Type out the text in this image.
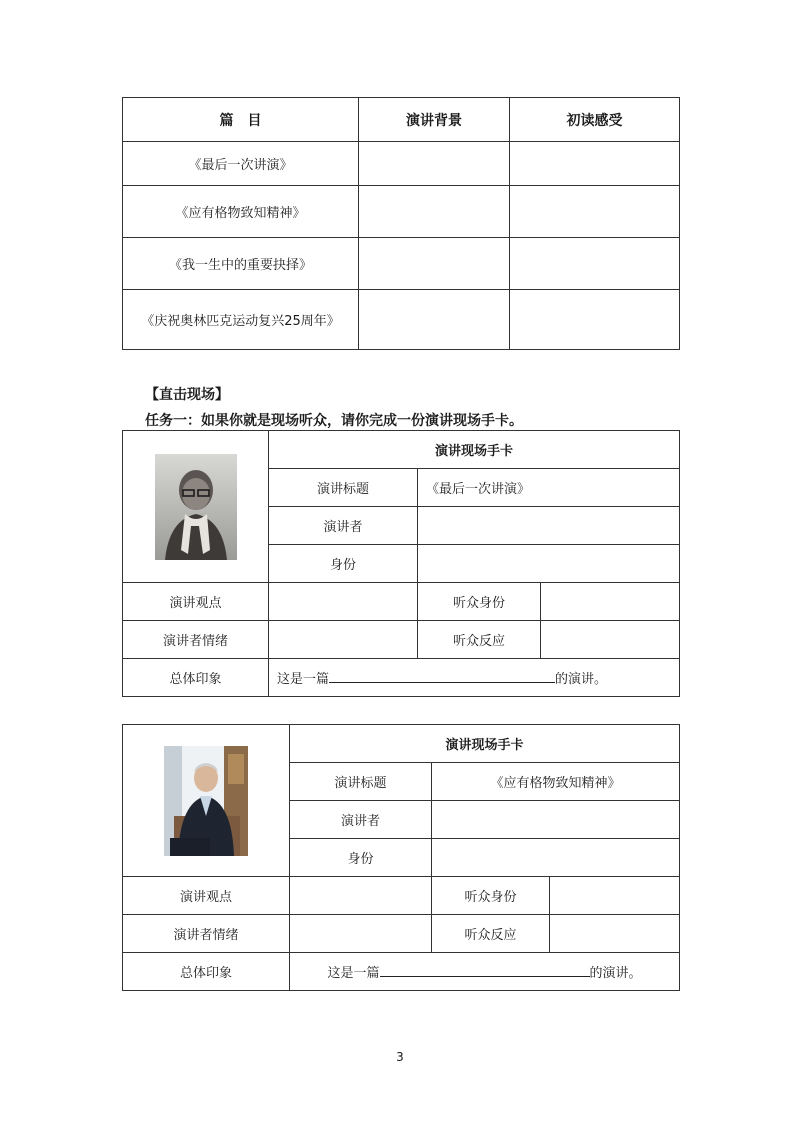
篇　目	演讲背景	初读感受
《最后一次讲演》		
《应有格物致知精神》		
《我一生中的重要抉择》		
《庆祝奥林匹克运动复兴25周年》		
【直击现场】
任务一：如果你就是现场听众，请你完成一份演讲现场手卡。
	演讲现场手卡		
	演讲标题	《最后一次讲演》	
	演讲者		
	身份		
演讲观点		听众身份	
演讲者情绪		听众反应	
总体印象	这是一篇 的演讲。		
	演讲现场手卡		
	演讲标题	《应有格物致知精神》	
	演讲者		
	身份		
演讲观点		听众身份	
演讲者情绪		听众反应	
总体印象	这是一篇 的演讲。		
3
